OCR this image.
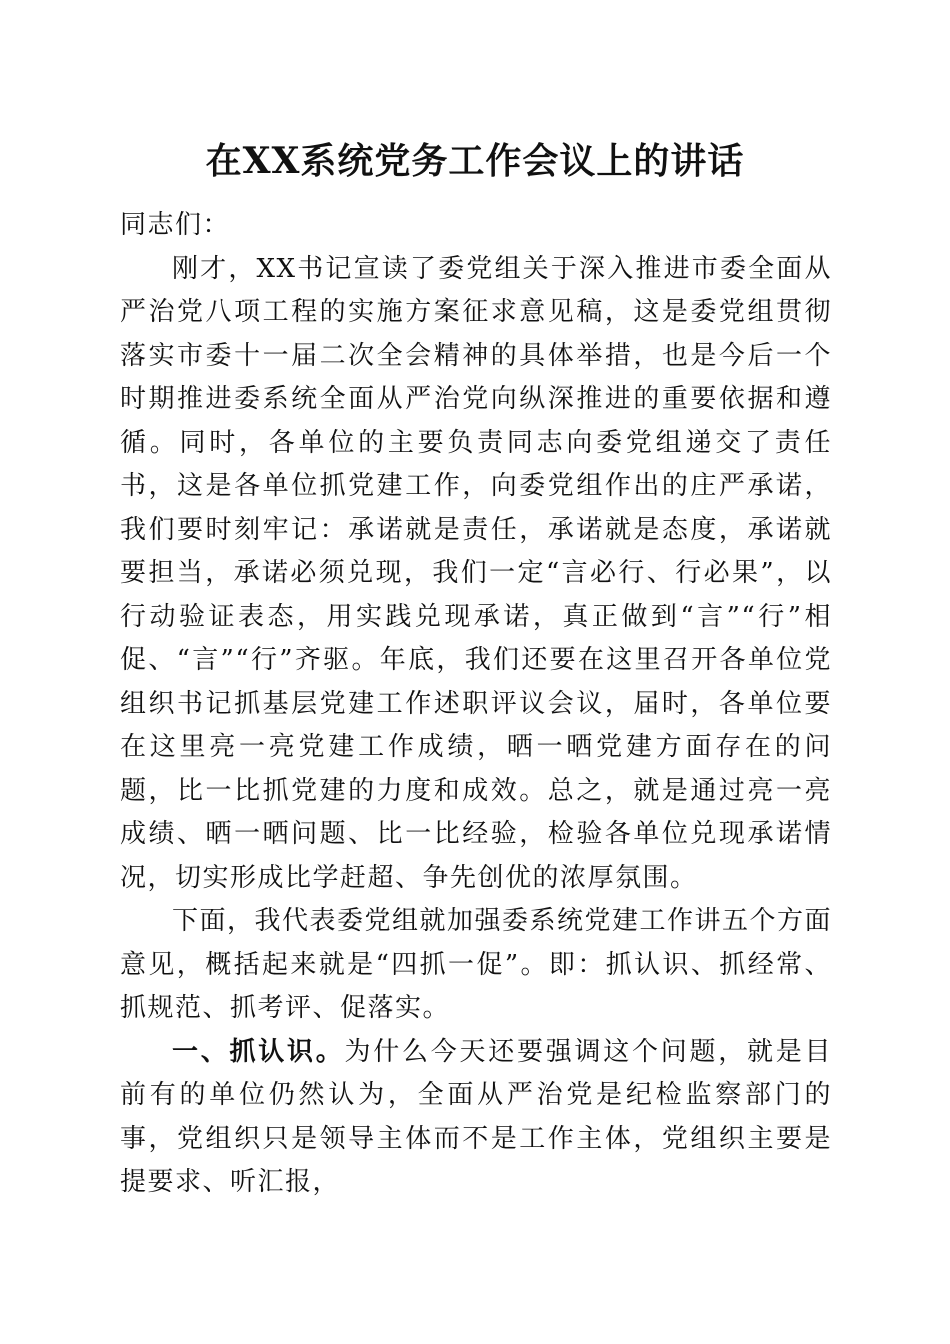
在XX系统党务工作会议上的讲话

同志们：

刚才，XX书记宣读了委党组关于深入推进市委全面从严治党八项工程的实施方案征求意见稿，这是委党组贯彻落实市委十一届二次全会精神的具体举措，也是今后一个时期推进委系统全面从严治党向纵深推进的重要依据和遵循。同时，各单位的主要负责同志向委党组递交了责任书，这是各单位抓党建工作，向委党组作出的庄严承诺，我们要时刻牢记：承诺就是责任，承诺就是态度，承诺就要担当，承诺必须兑现，我们一定“言必行、行必果”，以行动验证表态，用实践兑现承诺，真正做到“言”“行”相促、“言”“行”齐驱。年底，我们还要在这里召开各单位党组织书记抓基层党建工作述职评议会议，届时，各单位要在这里亮一亮党建工作成绩，晒一晒党建方面存在的问题，比一比抓党建的力度和成效。总之，就是通过亮一亮成绩、晒一晒问题、比一比经验，检验各单位兑现承诺情况，切实形成比学赶超、争先创优的浓厚氛围。

下面，我代表委党组就加强委系统党建工作讲五个方面意见，概括起来就是“四抓一促”。即：抓认识、抓经常、抓规范、抓考评、促落实。

一、抓认识。为什么今天还要强调这个问题，就是目前有的单位仍然认为，全面从严治党是纪检监察部门的事，党组织只是领导主体而不是工作主体，党组织主要是提要求、听汇报，
